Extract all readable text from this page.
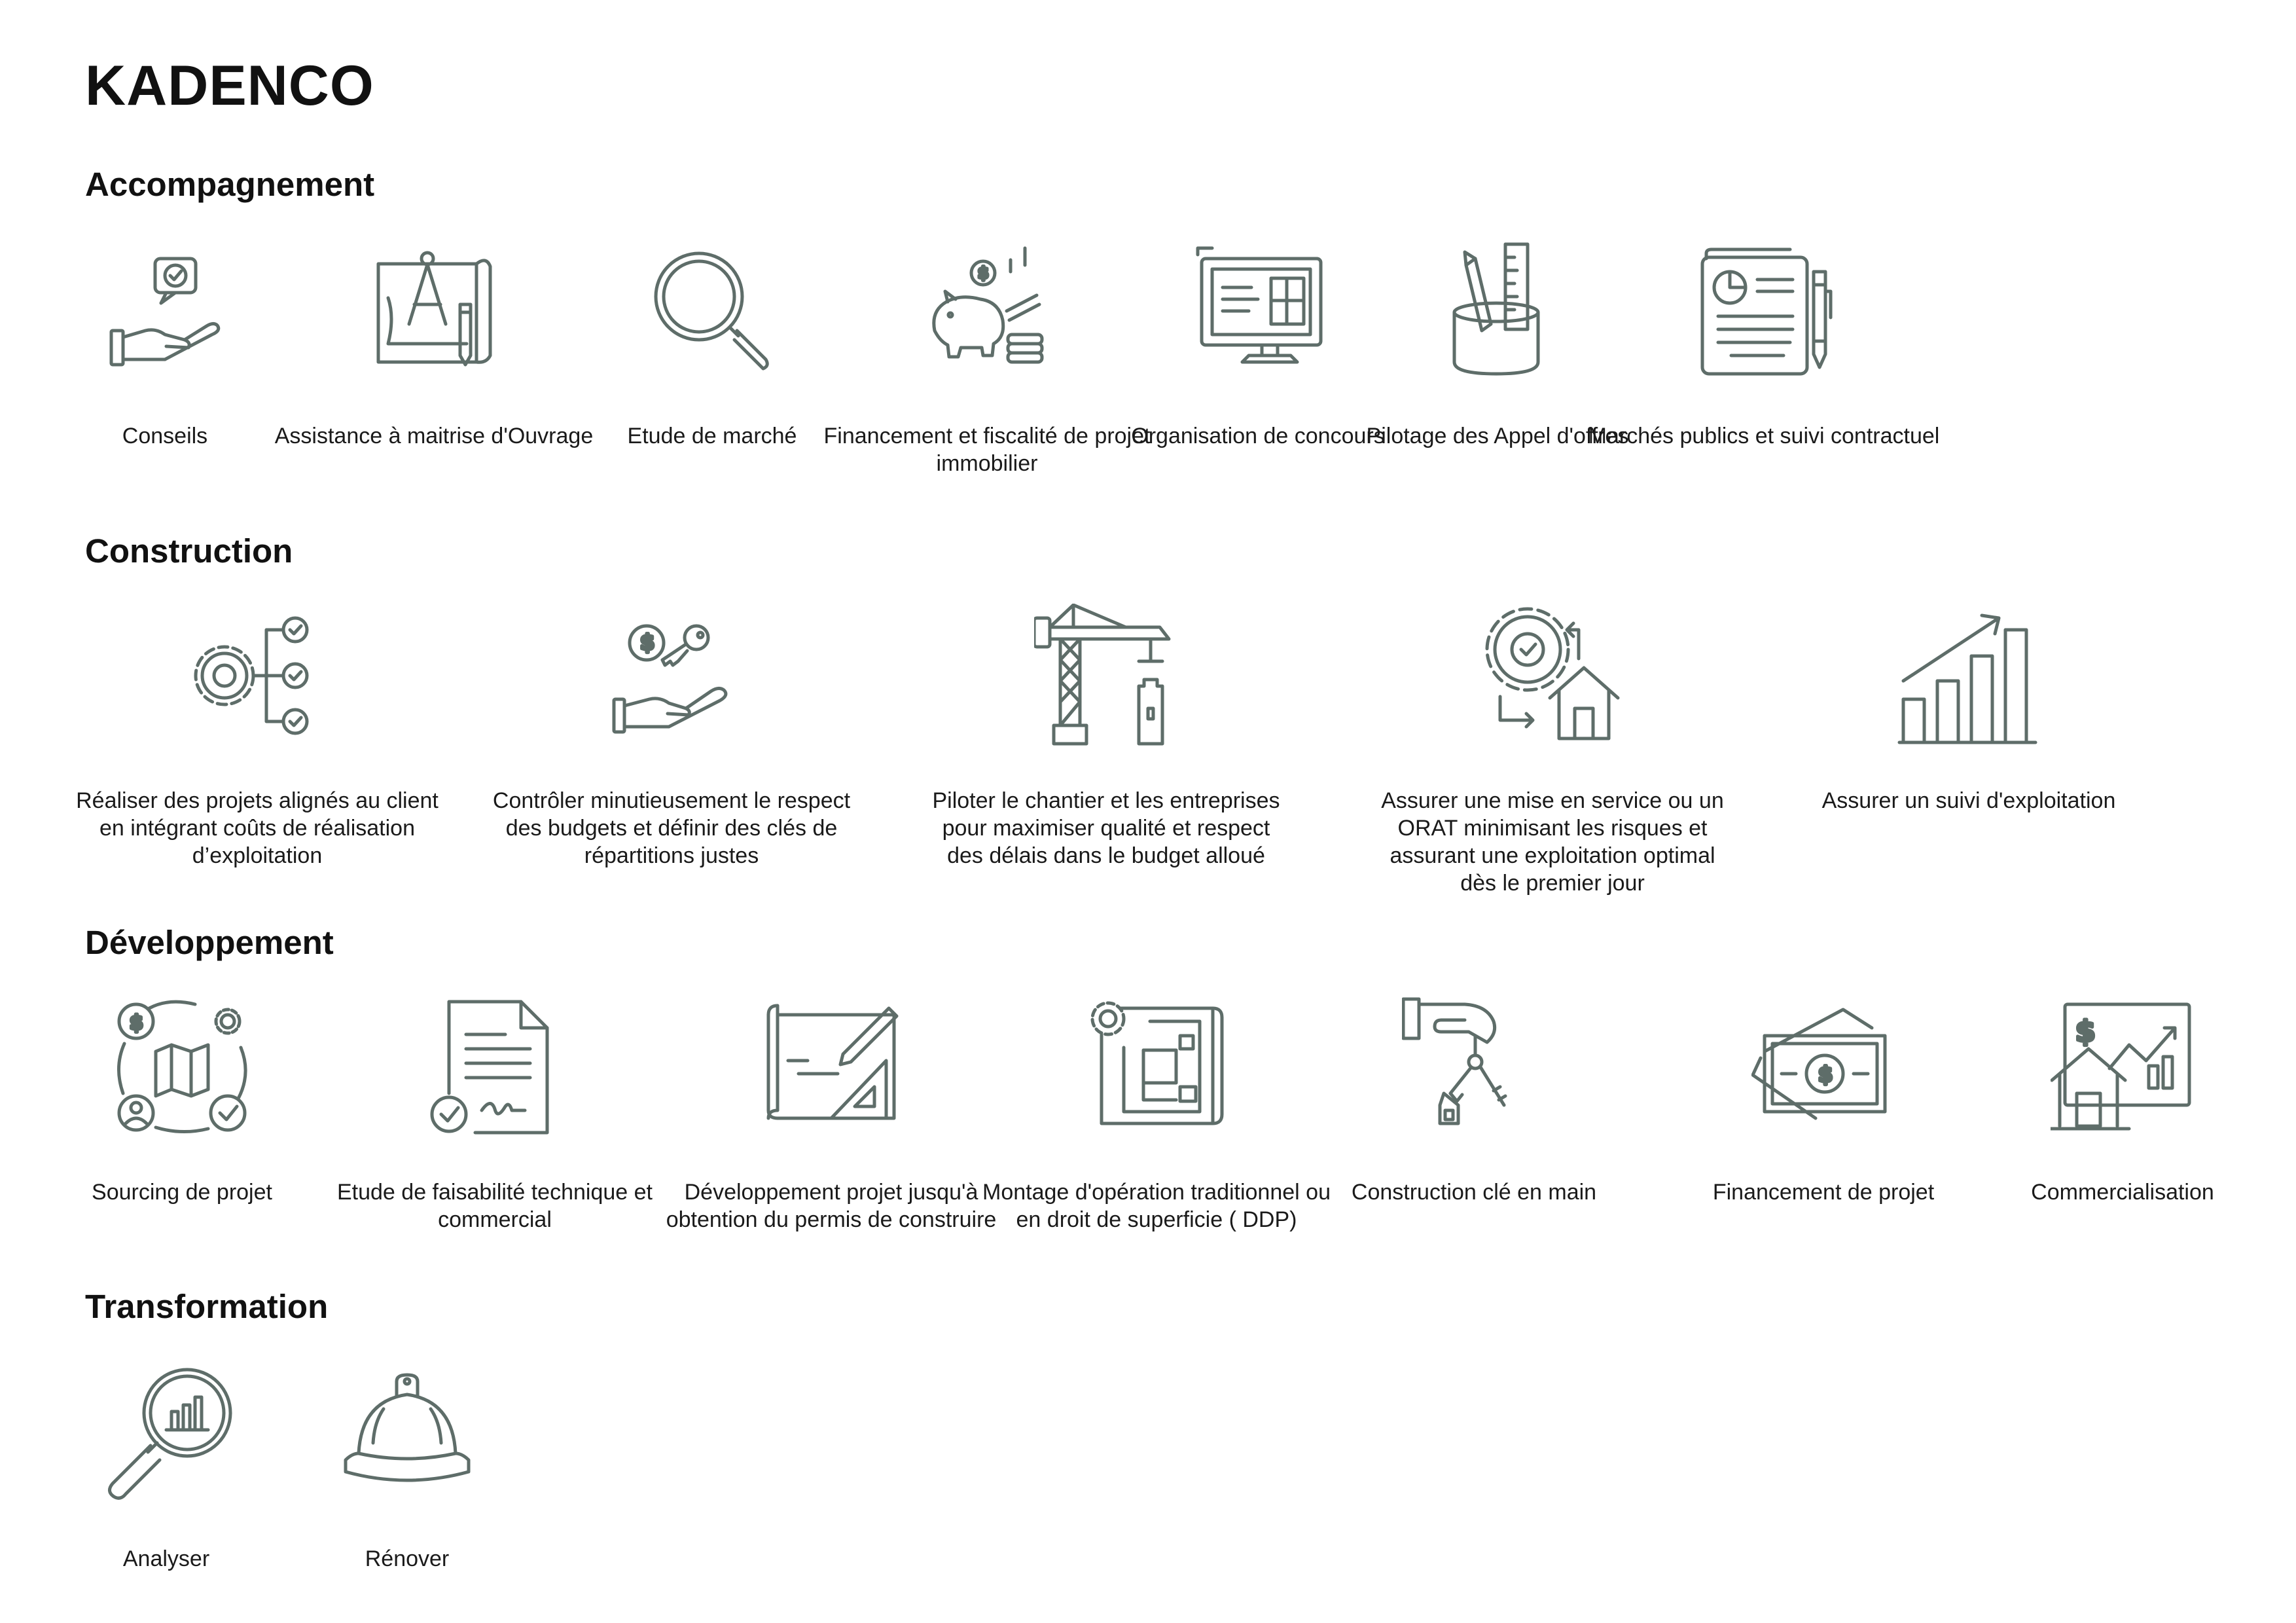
KADENCO
Accompagnement
Conseils	Assistance à maitrise d'Ouvrage	Etude de marché
$
Financement et fiscalité de projet immobilier
Organisation de concours
Pilotage des Appel d'offres
Marchés publics et suivi contractuel
Construction
Réaliser des projets alignés au client en intégrant coûts de réalisation d’exploitation
$
Contrôler minutieusement le respect des budgets et définir des clés de répartitions justes
Piloter le chantier et les entreprises pour maximiser qualité et respect des délais dans le budget alloué
Assurer une mise en service ou un ORAT minimisant les risques et assurant une exploitation optimal dès le premier jour
Assurer un suivi d'exploitation
Développement
$
Sourcing de projet	Etude de faisabilité technique et commercial
Développement projet jusqu'à obtention du permis de construire
Montage d'opération traditionnel ou en droit de superficie ( DDP)
Construction clé en main
$
Financement de projet
$
Commercialisation
Transformation
Analyser	Rénover
